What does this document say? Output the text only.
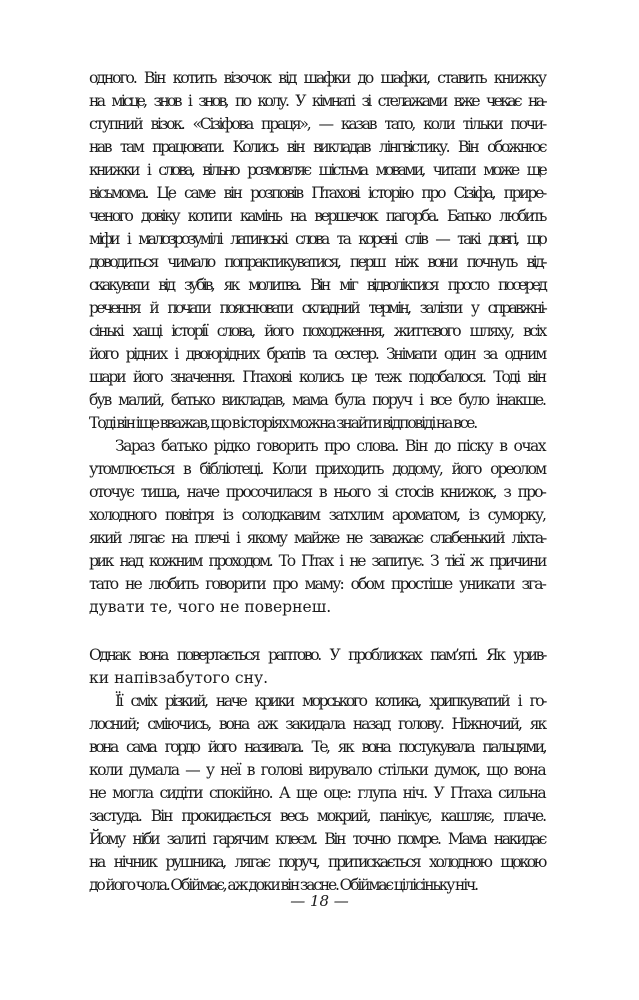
одного. Він котить візочок від шафки до шафки, ставить книжку
на місце, знов і знов, по колу. У кімнаті зі стелажами вже чекає на-
ступний візок. «Сізіфова праця», — казав тато, коли тільки почи-
нав там працювати. Колись він викладав лінгвістику. Він обожнює
книжки і слова, вільно розмовляє шістьма мовами, читати може ще
вісьмома. Це саме він розповів Птахові історію про Сізіфа, прире-
ченого довіку котити камінь на вершечок пагорба. Батько любить
міфи і малозрозумілі латинські слова та корені слів — такі довгі, що
доводиться чимало попрактикуватися, перш ніж вони почнуть від-
скакувати від зубів, як молитва. Він міг відволіктися просто посеред
речення й почати пояснювати складний термін, залізти у справжні-
сінькі хащі історії слова, його походження, життєвого шляху, всіх
його рідних і двоюрідних братів та сестер. Знімати один за одним
шари його значення. Птахові колись це теж подобалося. Тоді він
був малий, батько викладав, мама була поруч і все було інакше.
Тоді він іще вважав, що в історіях можна знайти відповіді на все.
Зараз батько рідко говорить про слова. Він до піску в очах
утомлюється в бібліотеці. Коли приходить додому, його ореолом
оточує тиша, наче просочилася в нього зі стосів книжок, з про-
холодного повітря із солодкавим затхлим ароматом, із суморку,
який лягає на плечі і якому майже не заважає слабенький ліхта-
рик над кожним проходом. То Птах і не запитує. З тієї ж причини
тато не любить говорити про маму: обом простіше уникати зга-
дувати те, чого не повернеш.
Однак вона повертається раптово. У проблисках пам’яті. Як урив-
ки напівзабутого сну.
Її сміх різкий, наче крики морського котика, хрипкуватий і го-
лосний; сміючись, вона аж закидала назад голову. Ніжночий, як
вона сама гордо його називала. Те, як вона постукувала пальцями,
коли думала — у неї в голові вирувало стільки думок, що вона
не могла сидіти спокійно. А ще оце: глупа ніч. У Птаха сильна
застуда. Він прокидається весь мокрий, панікує, кашляє, плаче.
Йому ніби залиті гарячим клеєм. Він точно помре. Мама накидає
на нічник рушника, лягає поруч, притискається холодною щокою
до його чола. Обіймає, аж доки він засне. Обіймає цілісіньку ніч.
— 18 —
